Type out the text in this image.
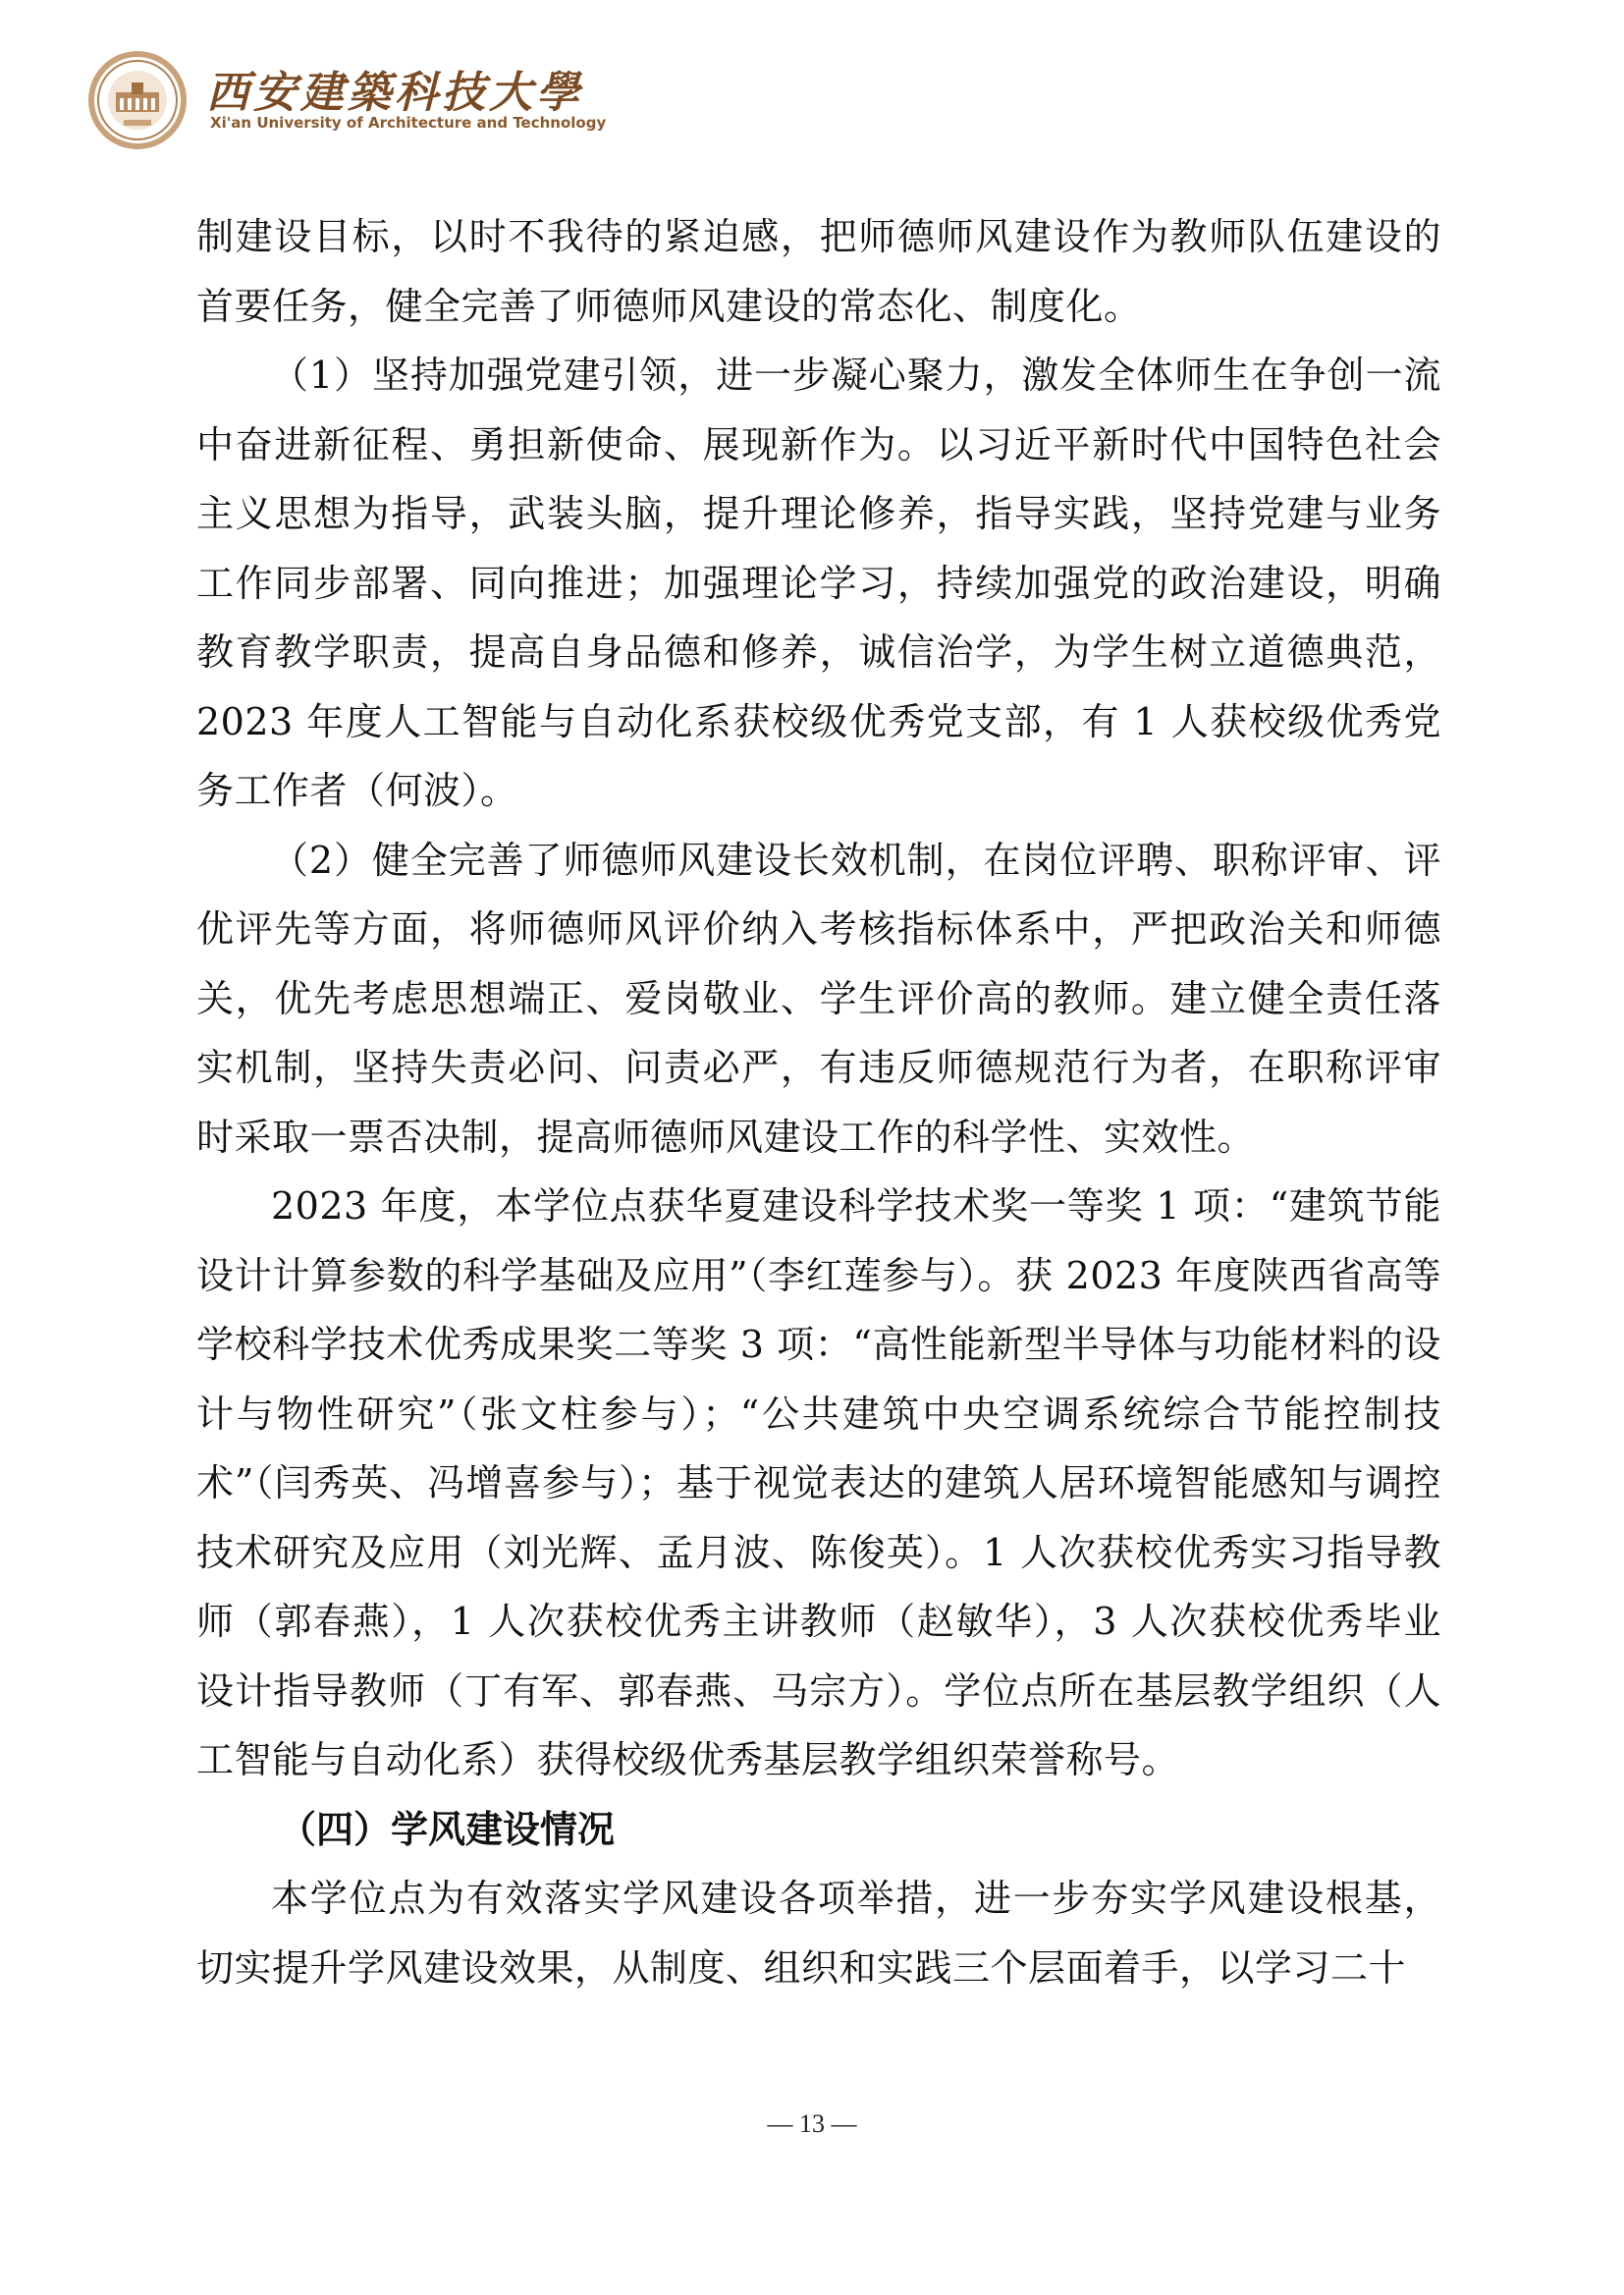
西安建築科技大學
Xi'an University of Architecture and Technology

制建设目标，以时不我待的紧迫感，把师德师风建设作为教师队伍建设的首要任务，健全完善了师德师风建设的常态化、制度化。

（1）坚持加强党建引领，进一步凝心聚力，激发全体师生在争创一流中奋进新征程、勇担新使命、展现新作为。以习近平新时代中国特色社会主义思想为指导，武装头脑，提升理论修养，指导实践，坚持党建与业务工作同步部署、同向推进；加强理论学习，持续加强党的政治建设，明确教育教学职责，提高自身品德和修养，诚信治学，为学生树立道德典范，2023 年度人工智能与自动化系获校级优秀党支部，有 1 人获校级优秀党务工作者（何波）。

（2）健全完善了师德师风建设长效机制，在岗位评聘、职称评审、评优评先等方面，将师德师风评价纳入考核指标体系中，严把政治关和师德关，优先考虑思想端正、爱岗敬业、学生评价高的教师。建立健全责任落实机制，坚持失责必问、问责必严，有违反师德规范行为者，在职称评审时采取一票否决制，提高师德师风建设工作的科学性、实效性。

2023 年度，本学位点获华夏建设科学技术奖一等奖 1 项：“建筑节能设计计算参数的科学基础及应用”（李红莲参与）。获 2023 年度陕西省高等学校科学技术优秀成果奖二等奖 3 项：“高性能新型半导体与功能材料的设计与物性研究”（张文柱参与）；“公共建筑中央空调系统综合节能控制技术”（闫秀英、冯增喜参与）；基于视觉表达的建筑人居环境智能感知与调控技术研究及应用（刘光辉、孟月波、陈俊英）。1 人次获校优秀实习指导教师（郭春燕），1 人次获校优秀主讲教师（赵敏华），3 人次获校优秀毕业设计指导教师（丁有军、郭春燕、马宗方）。学位点所在基层教学组织（人工智能与自动化系）获得校级优秀基层教学组织荣誉称号。

（四）学风建设情况

本学位点为有效落实学风建设各项举措，进一步夯实学风建设根基，切实提升学风建设效果，从制度、组织和实践三个层面着手，以学习二十

— 13 —
